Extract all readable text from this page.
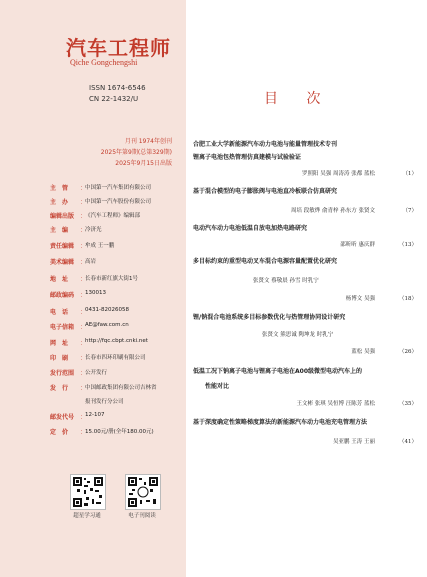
汽车工程师
Qiche Gongchengshi
ISSN 1674-6546
CN 22-1432/U
月刊 1974年创刊
2025年第9期(总第329期)
2025年9月15日出版
主　管	：
中国第一汽车集团有限公司
主　办	：
中国第一汽车股份有限公司
编辑出版 ：
《汽车工程师》编辑部
主　编	：
冷济光
责任编辑 ：
牟成 王一鹏
美术编辑 ：
高岩
地　址	：
长春市新红旗大街1号
邮政编码 ：
130013
电　话	：
0431-82026058
电子信箱 ：
AE@faw.com.cn
网　址	：
http://fqc.cbpt.cnki.net
印　刷	：
长春市四环印刷有限公司
发行范围 ：
公开发行
发　行	：
中国邮政集团有限公司吉林省
报刊发行分公司
邮发代号 ：
12-107
定　价	：
15.00元/册(全年180.00元)
超星学习通	电子刊阅读
目 次
合肥工业大学新能源汽车动力电池与能量管理技术专刊
锂离子电池包热管理仿真建模与试验验证
罗照阳 吴强 周涛涛 张都 蓝松	（1）
基于混合模型的电子膨胀阀与电池直冷板联合仿真研究
周培 段敏烨 俞青梓 孙东方 张贤文	（7）
电动汽车动力电池低温自放电加热电路研究
邵昕昕 惠庆群	（13）
多目标约束的重型电动叉车混合电源容量配置优化研究
张贤文 蔡敬晨 孙雪 时乳宁
杨博文 吴强	（18）
锂/钠混合电池系统多目标参数优化与热管理协同设计研究
张贤文 熊思诚 陶坤龙 时乳宁
蓝松 吴强	（26）
低温工况下钠离子电池与锂离子电池在A00级微型电动汽车上的
性能对比
王文彬 张琪 吴恒博 汪陈芳 蓝松	（35）
基于深度确定性策略梯度算法的新能源汽车动力电池充电管理方法
吴亚鹏 王涛 王丽	（41）
